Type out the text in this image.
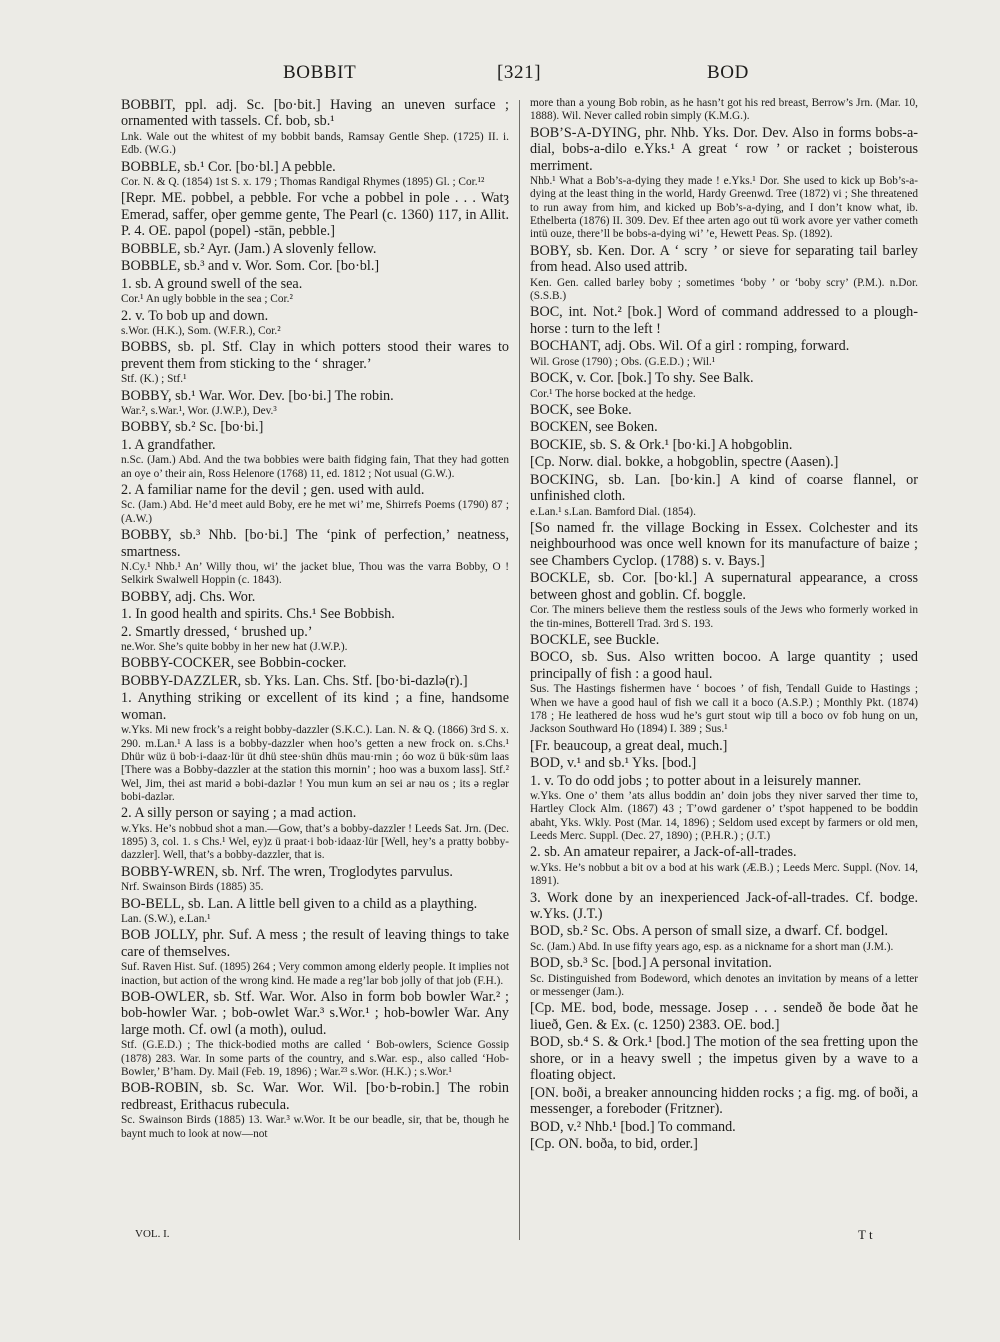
BOBBIT	[321]	BOD

BOBBIT, ppl. adj. Sc. [bo·bit.] Having an uneven surface ; ornamented with tassels. Cf. bob, sb.¹

Lnk. Wale out the whitest of my bobbit bands, Ramsay Gentle Shep. (1725) II. i. Edb. (W.G.)

BOBBLE, sb.¹ Cor. [bo·bl.] A pebble.

Cor. N. & Q. (1854) 1st S. x. 179 ; Thomas Randigal Rhymes (1895) Gl. ; Cor.¹²

[Repr. ME. pobbel, a pebble. For vche a pobbel in pole . . . Watȝ Emerad, saffer, oþer gemme gente, The Pearl (c. 1360) 117, in Allit. P. 4. OE. papol (popel) -stān, pebble.]

BOBBLE, sb.² Ayr. (Jam.) A slovenly fellow.

BOBBLE, sb.³ and v. Wor. Som. Cor. [bo·bl.]

1. sb. A ground swell of the sea.

Cor.¹ An ugly bobble in the sea ; Cor.²

2. v. To bob up and down.

s.Wor. (H.K.), Som. (W.F.R.), Cor.²

BOBBS, sb. pl. Stf. Clay in which potters stood their wares to prevent them from sticking to the ‘ shrager.’

Stf. (K.) ; Stf.¹

BOBBY, sb.¹ War. Wor. Dev. [bo·bi.] The robin.

War.², s.War.¹, Wor. (J.W.P.), Dev.³

BOBBY, sb.² Sc. [bo·bi.]

1. A grandfather.

n.Sc. (Jam.) Abd. And the twa bobbies were baith fidging fain, That they had gotten an oye o’ their ain, Ross Helenore (1768) 11, ed. 1812 ; Not usual (G.W.).

2. A familiar name for the devil ; gen. used with auld.

Sc. (Jam.) Abd. He’d meet auld Boby, ere he met wi’ me, Shirrefs Poems (1790) 87 ; (A.W.)

BOBBY, sb.³ Nhb. [bo·bi.] The ‘pink of perfection,’ neatness, smartness.

N.Cy.¹ Nhb.¹ An’ Willy thou, wi’ the jacket blue, Thou was the varra Bobby, O ! Selkirk Swalwell Hoppin (c. 1843).

BOBBY, adj. Chs. Wor.

1. In good health and spirits. Chs.¹ See Bobbish.

2. Smartly dressed, ‘ brushed up.’

ne.Wor. She’s quite bobby in her new hat (J.W.P.).

BOBBY-COCKER, see Bobbin-cocker.

BOBBY-DAZZLER, sb. Yks. Lan. Chs. Stf. [bo·bi-dazlə(r).]

1. Anything striking or excellent of its kind ; a fine, handsome woman.

w.Yks. Mi new frock’s a reight bobby-dazzler (S.K.C.). Lan. N. & Q. (1866) 3rd S. x. 290. m.Lan.¹ A lass is a bobby-dazzler when hoo’s getten a new frock on. s.Chs.¹ Dhür wüz ü bob·i-daaz·lür üt dhü stee·shün dhüs mau·rnin ; óo woz ü bük·süm laas [There was a Bobby-dazzler at the station this mornin’ ; hoo was a buxom lass]. Stf.² Wel, Jim, thei ast marid ə bobi-dazlər ! You mun kum ən sei ar nəu os ; its ə reglər bobi-dazlər.

2. A silly person or saying ; a mad action.

w.Yks. He’s nobbud shot a man.—Gow, that’s a bobby-dazzler ! Leeds Sat. Jrn. (Dec. 1895) 3, col. 1. s Chs.¹ Wel, ey)z ü praat·i bob·idaaz·lür [Well, hey’s a pratty bobby-dazzler]. Well, that’s a bobby-dazzler, that is.

BOBBY-WREN, sb. Nrf. The wren, Troglodytes parvulus.

Nrf. Swainson Birds (1885) 35.

BO-BELL, sb. Lan. A little bell given to a child as a plaything.

Lan. (S.W.), e.Lan.¹

BOB JOLLY, phr. Suf. A mess ; the result of leaving things to take care of themselves.

Suf. Raven Hist. Suf. (1895) 264 ; Very common among elderly people. It implies not inaction, but action of the wrong kind. He made a reg’lar bob jolly of that job (F.H.).

BOB-OWLER, sb. Stf. War. Wor. Also in form bob bowler War.² ; bob-howler War. ; bob-owlet War.³ s.Wor.¹ ; hob-bowler War. Any large moth. Cf. owl (a moth), oulud.

Stf. (G.E.D.) ; The thick-bodied moths are called ‘ Bob-owlers, Science Gossip (1878) 283. War. In some parts of the country, and s.War. esp., also called ‘Hob-Bowler,’ B’ham. Dy. Mail (Feb. 19, 1896) ; War.²³ s.Wor. (H.K.) ; s.Wor.¹

BOB-ROBIN, sb. Sc. War. Wor. Wil. [bo·b-robin.] The robin redbreast, Erithacus rubecula.

Sc. Swainson Birds (1885) 13. War.³ w.Wor. It be our beadle, sir, that be, though he baynt much to look at now—not

more than a young Bob robin, as he hasn’t got his red breast, Berrow’s Jrn. (Mar. 10, 1888). Wil. Never called robin simply (K.M.G.).

BOB’S-A-DYING, phr. Nhb. Yks. Dor. Dev. Also in forms bobs-a-dial, bobs-a-dilo e.Yks.¹ A great ‘ row ’ or racket ; boisterous merriment.

Nhb.¹ What a Bob’s-a-dying they made ! e.Yks.¹ Dor. She used to kick up Bob’s-a-dying at the least thing in the world, Hardy Greenwd. Tree (1872) vi ; She threatened to run away from him, and kicked up Bob’s-a-dying, and I don’t know what, ib. Ethelberta (1876) II. 309. Dev. Ef thee arten ago out tü work avore yer vather cometh intü ouze, there’ll be bobs-a-dying wi’ ’e, Hewett Peas. Sp. (1892).

BOBY, sb. Ken. Dor. A ‘ scry ’ or sieve for separating tail barley from head. Also used attrib.

Ken. Gen. called barley boby ; sometimes ‘boby ’ or ‘boby scry’ (P.M.). n.Dor. (S.S.B.)

BOC, int. Not.² [bok.] Word of command addressed to a plough-horse : turn to the left !

BOCHANT, adj. Obs. Wil. Of a girl : romping, forward.

Wil. Grose (1790) ; Obs. (G.E.D.) ; Wil.¹

BOCK, v. Cor. [bok.] To shy. See Balk.

Cor.¹ The horse bocked at the hedge.

BOCK, see Boke.

BOCKEN, see Boken.

BOCKIE, sb. S. & Ork.¹ [bo·ki.] A hobgoblin.

[Cp. Norw. dial. bokke, a hobgoblin, spectre (Aasen).]

BOCKING, sb. Lan. [bo·kin.] A kind of coarse flannel, or unfinished cloth.

e.Lan.¹ s.Lan. Bamford Dial. (1854).

[So named fr. the village Bocking in Essex. Colchester and its neighbourhood was once well known for its manufacture of baize ; see Chambers Cyclop. (1788) s. v. Bays.]

BOCKLE, sb. Cor. [bo·kl.] A supernatural appearance, a cross between ghost and goblin. Cf. boggle.

Cor. The miners believe them the restless souls of the Jews who formerly worked in the tin-mines, Botterell Trad. 3rd S. 193.

BOCKLE, see Buckle.

BOCO, sb. Sus. Also written bocoo. A large quantity ; used principally of fish : a good haul.

Sus. The Hastings fishermen have ‘ bocoes ’ of fish, Tendall Guide to Hastings ; When we have a good haul of fish we call it a boco (A.S.P.) ; Monthly Pkt. (1874) 178 ; He leathered de hoss wud he’s gurt stout wip till a boco ov fob hung on un, Jackson Southward Ho (1894) I. 389 ; Sus.¹

[Fr. beaucoup, a great deal, much.]

BOD, v.¹ and sb.¹ Yks. [bod.]

1. v. To do odd jobs ; to potter about in a leisurely manner.

w.Yks. One o’ them ’ats allus boddin an’ doin jobs they niver sarved ther time to, Hartley Clock Alm. (1867) 43 ; T’owd gardener o’ t’spot happened to be boddin abaht, Yks. Wkly. Post (Mar. 14, 1896) ; Seldom used except by farmers or old men, Leeds Merc. Suppl. (Dec. 27, 1890) ; (P.H.R.) ; (J.T.)

2. sb. An amateur repairer, a Jack-of-all-trades.

w.Yks. He’s nobbut a bit ov a bod at his wark (Æ.B.) ; Leeds Merc. Suppl. (Nov. 14, 1891).

3. Work done by an inexperienced Jack-of-all-trades. Cf. bodge. w.Yks. (J.T.)

BOD, sb.² Sc. Obs. A person of small size, a dwarf. Cf. bodgel.

Sc. (Jam.) Abd. In use fifty years ago, esp. as a nickname for a short man (J.M.).

BOD, sb.³ Sc. [bod.] A personal invitation.

Sc. Distinguished from Bodeword, which denotes an invitation by means of a letter or messenger (Jam.).

[Cp. ME. bod, bode, message. Josep . . . sendeð ðe bode ðat he liueð, Gen. & Ex. (c. 1250) 2383. OE. bod.]

BOD, sb.⁴ S. & Ork.¹ [bod.] The motion of the sea fretting upon the shore, or in a heavy swell ; the impetus given by a wave to a floating object.

[ON. boði, a breaker announcing hidden rocks ; a fig. mg. of boði, a messenger, a foreboder (Fritzner).

BOD, v.² Nhb.¹ [bod.] To command.

[Cp. ON. boða, to bid, order.]

VOL. I.	T t
